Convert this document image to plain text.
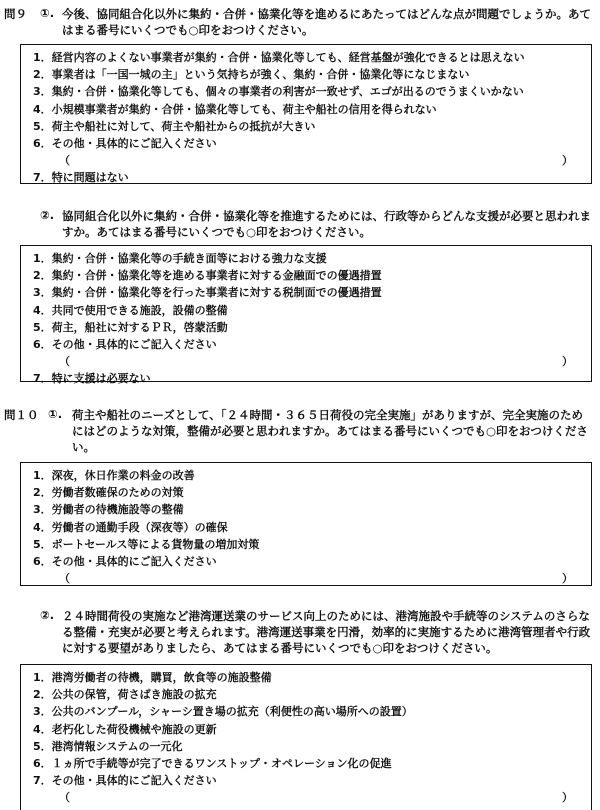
問９ ①. 今後、協同組合化以外に集約・合併・協業化等を進めるにあたってはどんな点が問題でしょうか。あてはまる番号にいくつでも○印をおつけください。
1．経営内容のよくない事業者が集約・合併・協業化等しても、経営基盤が強化できるとは思えない
2．事業者は「一国一城の主」という気持ちが強く、集約・合併・協業化等になじまない
3．集約・合併・協業化等しても、個々の事業者の利害が一致せず、エゴが出るのでうまくいかない
4．小規模事業者が集約・合併・協業化等しても、荷主や船社の信用を得られない
5．荷主や船社に対して、荷主や船社からの抵抗が大きい
6．その他・具体的にご記入ください
（	）
7．特に問題はない
②. 協同組合化以外に集約・合併・協業化等を推進するためには、行政等からどんな支援が必要と思われますか。あてはまる番号にいくつでも○印をおつけください。
1．集約・合併・協業化等の手続き面等における強力な支援
2．集約・合併・協業化等を進める事業者に対する金融面での優遇措置
3．集約・合併・協業化等を行った事業者に対する税制面での優遇措置
4．共同で使用できる施設，設備の整備
5．荷主，船社に対するＰＲ，啓蒙活動
6．その他・具体的にご記入ください
（	）
7．特に支援は必要ない
問１０ ①. 荷主や船社のニーズとして、「２４時間・３６５日荷役の完全実施」がありますが、完全実施のためにはどのような対策，整備が必要と思われますか。あてはまる番号にいくつでも○印をおつけください。
1．深夜，休日作業の料金の改善
2．労働者数確保のための対策
3．労働者の待機施設等の整備
4．労働者の通勤手段（深夜等）の確保
5．ポートセールス等による貨物量の増加対策
6．その他・具体的にご記入ください
（	）
②. ２４時間荷役の実施など港湾運送業のサービス向上のためには、港湾施設や手続等のシステムのさらなる整備・充実が必要と考えられます。港湾運送事業を円滑，効率的に実施するために港湾管理者や行政に対する要望がありましたら、あてはまる番号にいくつでも○印をおつけください。
1．港湾労働者の待機，購買，飲食等の施設整備
2．公共の保管，荷さばき施設の拡充
3．公共のバンプール，シャーシ置き場の拡充（利便性の高い場所への設置）
4．老朽化した荷役機械や施設の更新
5．港湾情報システムの一元化
6．１ヵ所で手続等が完了できるワンストップ・オペレーション化の促進
7．その他・具体的にご記入ください
（	）
